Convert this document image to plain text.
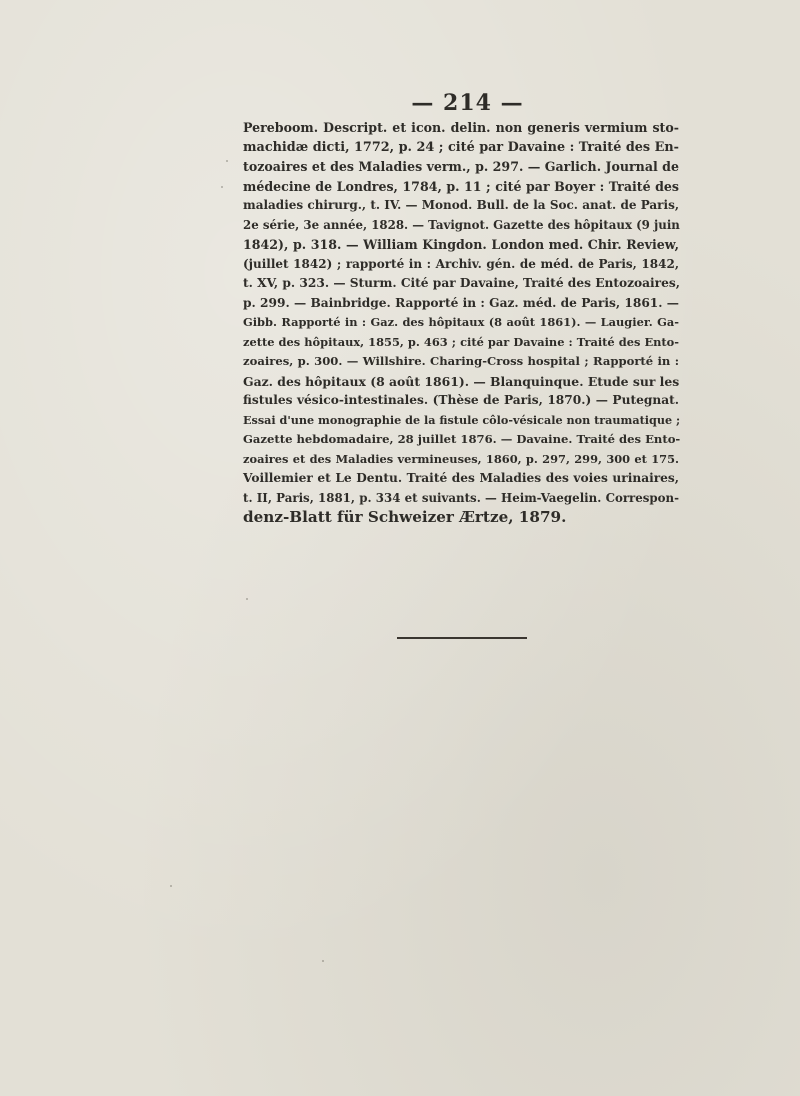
— 214 —
Pereboom. Descript. et icon. delin. non generis vermium sto-
machidæ dicti, 1772, p. 24 ; cité par Davaine : Traité des En-
tozoaires et des Maladies verm., p. 297. — Garlich. Journal de
médecine de Londres, 1784, p. 11 ; cité par Boyer : Traité des
maladies chirurg., t. IV. — Monod. Bull. de la Soc. anat. de Paris,
2e série, 3e année, 1828. — Tavignot. Gazette des hôpitaux (9 juin
1842), p. 318. — William Kingdon. London med. Chir. Review,
(juillet 1842) ; rapporté in : Archiv. gén. de méd. de Paris, 1842,
t. XV, p. 323. — Sturm. Cité par Davaine, Traité des Entozoaires,
p. 299. — Bainbridge. Rapporté in : Gaz. méd. de Paris, 1861. —
Gibb. Rapporté in : Gaz. des hôpitaux (8 août 1861). — Laugier. Ga-
zette des hôpitaux, 1855, p. 463 ; cité par Davaine : Traité des Ento-
zoaires, p. 300. — Willshire. Charing-Cross hospital ; Rapporté in :
Gaz. des hôpitaux (8 août 1861). — Blanquinque. Etude sur les
fistules vésico-intestinales. (Thèse de Paris, 1870.) — Putegnat.
Essai d'une monographie de la fistule côlo-vésicale non traumatique ;
Gazette hebdomadaire, 28 juillet 1876. — Davaine. Traité des Ento-
zoaires et des Maladies vermineuses, 1860, p. 297, 299, 300 et 175.
Voillemier et Le Dentu. Traité des Maladies des voies urinaires,
t. II, Paris, 1881, p. 334 et suivants. — Heim-Vaegelin. Correspon-
denz-Blatt für Schweizer Ærtze, 1879.
